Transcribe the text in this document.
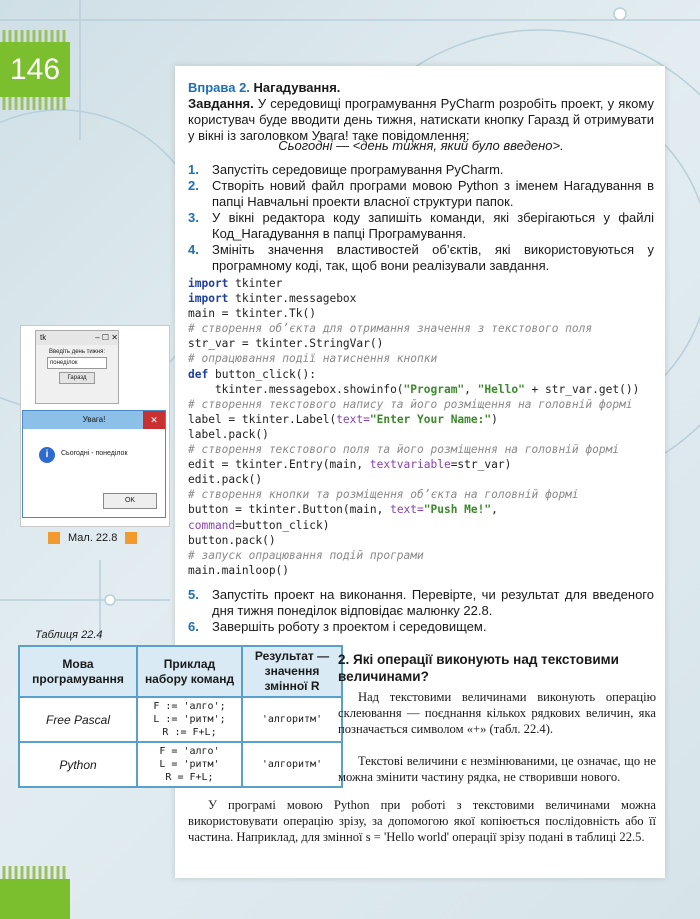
146
Вправа 2. Нагадування.
Завдання. У середовищі програмування PyCharm розробіть проект, у якому користувач буде вводити день тижня, натискати кнопку Гаразд й отримувати у вікні із заголовком Увага! таке повідомлення:
Сьогодні — <день тижня, який було введено>.
1. Запустіть середовище програмування PyCharm.
2. Створіть новий файл програми мовою Python з іменем Нагадування в папці Навчальні проекти власної структури папок.
3. У вікні редактора коду запишіть команди, які зберігаються у файлі Код_Нагадування в папці Програмування.
4. Змініть значення властивостей об’єктів, які використовуються у програмному коді, так, щоб вони реалізували завдання.
import tkinter
import tkinter.messagebox
main = tkinter.Tk()
# створення об’єкта для отримання значення з текстового поля
str_var = tkinter.StringVar()
# опрацювання події натиснення кнопки
def button_click():
tkinter.messagebox.showinfo("Program", "Hello" + str_var.get())
# створення текстового напису та його розміщення на головній формі
label = tkinter.Label(text="Enter Your Name:")
label.pack()
# створення текстового поля та його розміщення на головній формі
edit = tkinter.Entry(main, textvariable=str_var)
edit.pack()
# створення кнопки та розміщення об’єкта на головній формі
button = tkinter.Button(main, text="Push Me!",
command=button_click)
button.pack()
# запуск опрацювання подій програми
main.mainloop()
5. Запустіть проект на виконання. Перевірте, чи результат для введеного дня тижня понеділок відповідає малюнку 22.8.
6. Завершіть роботу з проектом і середовищем.
tk	– ☐ ✕
Введіть день тижня:
понеділок
Гаразд
Увага!	✕
i	Сьогодні - понеділок
OK
Мал. 22.8
Таблиця 22.4
Мова програмування	Приклад набору команд	Результат — значення змінної R
Free Pascal	F := 'алго';
L := 'ритм';
R := F+L;	'алгоритм'
Python	F = 'алго'
L = 'ритм'
R = F+L;	'алгоритм'
2. Які операції виконують над текстовими величинами?
Над текстовими величинами виконують операцію склеювання — поєднання кількох рядкових величин, яка позначається символом «+» (табл. 22.4).
Текстові величини є незмінюваними, це означає, що не можна змінити частину рядка, не створивши нового.
У програмі мовою Python при роботі з текстовими величинами можна використовувати операцію зрізу, за допомогою якої копіюється послідовність або її частина. Наприклад, для змінної s = 'Hello world' операції зрізу подані в таблиці 22.5.
